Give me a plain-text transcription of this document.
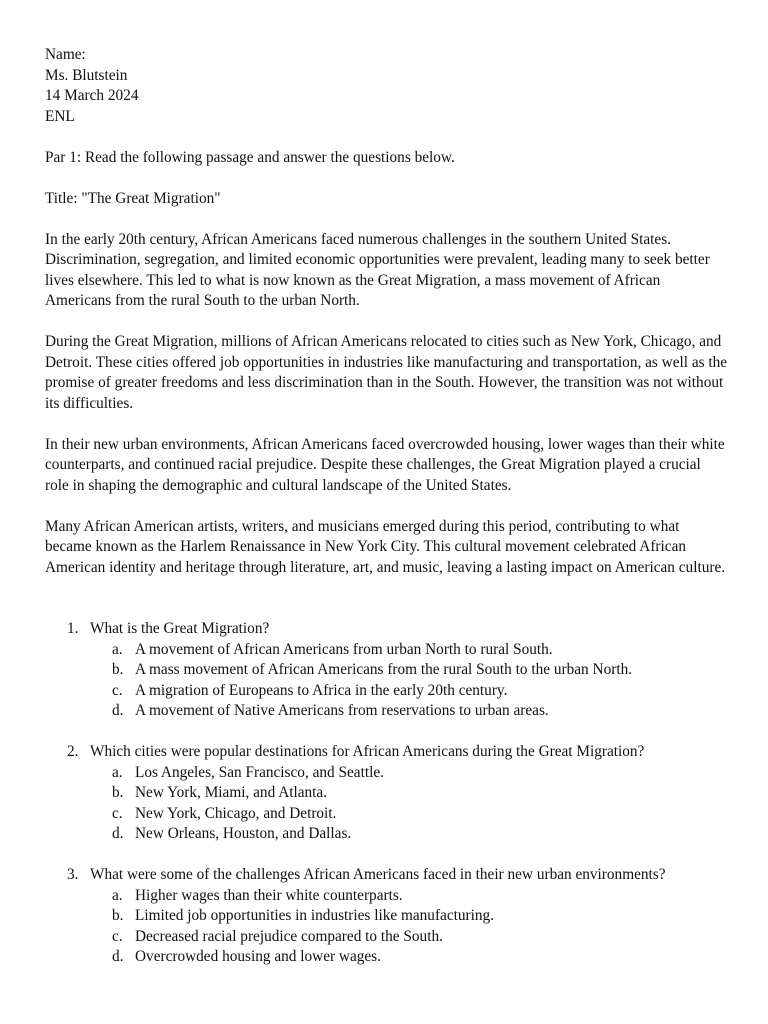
Name:
Ms. Blutstein
14 March 2024
ENL
Par 1: Read the following passage and answer the questions below.
Title: "The Great Migration"

In the early 20th century, African Americans faced numerous challenges in the southern United States. Discrimination, segregation, and limited economic opportunities were prevalent, leading many to seek better lives elsewhere. This led to what is now known as the Great Migration, a mass movement of African Americans from the rural South to the urban North.

During the Great Migration, millions of African Americans relocated to cities such as New York, Chicago, and Detroit. These cities offered job opportunities in industries like manufacturing and transportation, as well as the promise of greater freedoms and less discrimination than in the South. However, the transition was not without its difficulties.

In their new urban environments, African Americans faced overcrowded housing, lower wages than their white counterparts, and continued racial prejudice. Despite these challenges, the Great Migration played a crucial role in shaping the demographic and cultural landscape of the United States.

Many African American artists, writers, and musicians emerged during this period, contributing to what became known as the Harlem Renaissance in New York City. This cultural movement celebrated African American identity and heritage through literature, art, and music, leaving a lasting impact on American culture.

1. What is the Great Migration?

a. A movement of African Americans from urban North to rural South.
b. A mass movement of African Americans from the rural South to the urban North.
c. A migration of Europeans to Africa in the early 20th century.
d. A movement of Native Americans from reservations to urban areas.

2. Which cities were popular destinations for African Americans during the Great Migration?

a. Los Angeles, San Francisco, and Seattle.
b. New York, Miami, and Atlanta.
c. New York, Chicago, and Detroit.
d. New Orleans, Houston, and Dallas.

3. What were some of the challenges African Americans faced in their new urban environments?

a. Higher wages than their white counterparts.
b. Limited job opportunities in industries like manufacturing.
c. Decreased racial prejudice compared to the South.
d. Overcrowded housing and lower wages.
